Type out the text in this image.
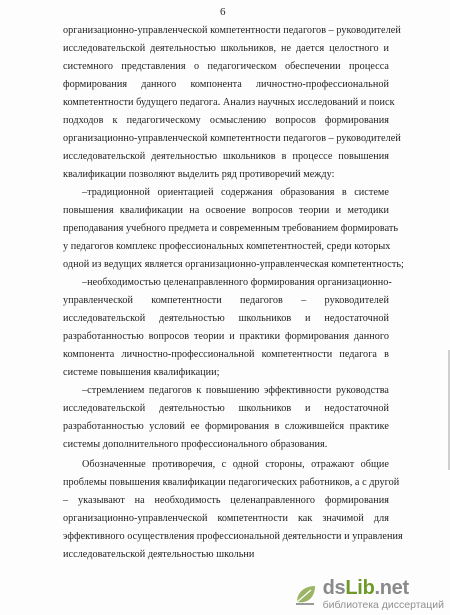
6
организационно-управленческой компетентности педагогов – руководителей
исследовательской деятельностью школьников, не дается целостного и
системного представления о педагогическом обеспечении процесса
формирования данного компонента личностно-профессиональной
компетентности будущего педагога. Анализ научных исследований и поиск
подходов к педагогическому осмыслению вопросов формирования
организационно-управленческой компетентности педагогов – руководителей
исследовательской деятельностью школьников в процессе повышения
квалификации позволяют выделить ряд противоречий между:
–традиционной ориентацией содержания образования в системе
повышения квалификации на освоение вопросов теории и методики
преподавания учебного предмета и современным требованием формировать
у педагогов комплекс профессиональных компетентностей, среди которых
одной из ведущих является организационно-управленческая компетентность;
–необходимостью целенаправленного формирования организационно-
управленческой компетентности педагогов – руководителей
исследовательской деятельностью школьников и недостаточной
разработанностью вопросов теории и практики формирования данного
компонента личностно-профессиональной компетентности педагога в
системе повышения квалификации;
–стремлением педагогов к повышению эффективности руководства
исследовательской деятельностью школьников и недостаточной
разработанностью условий ее формирования в сложившейся практике
системы дополнительного профессионального образования.
Обозначенные противоречия, с одной стороны, отражают общие
проблемы повышения квалификации педагогических работников, а с другой
– указывают на необходимость целенаправленного формирования
организационно-управленческой компетентности как значимой для
эффективного осуществления профессиональной деятельности и управления
исследовательской деятельностью школьни
dsLib.net
библиотека диссертаций
